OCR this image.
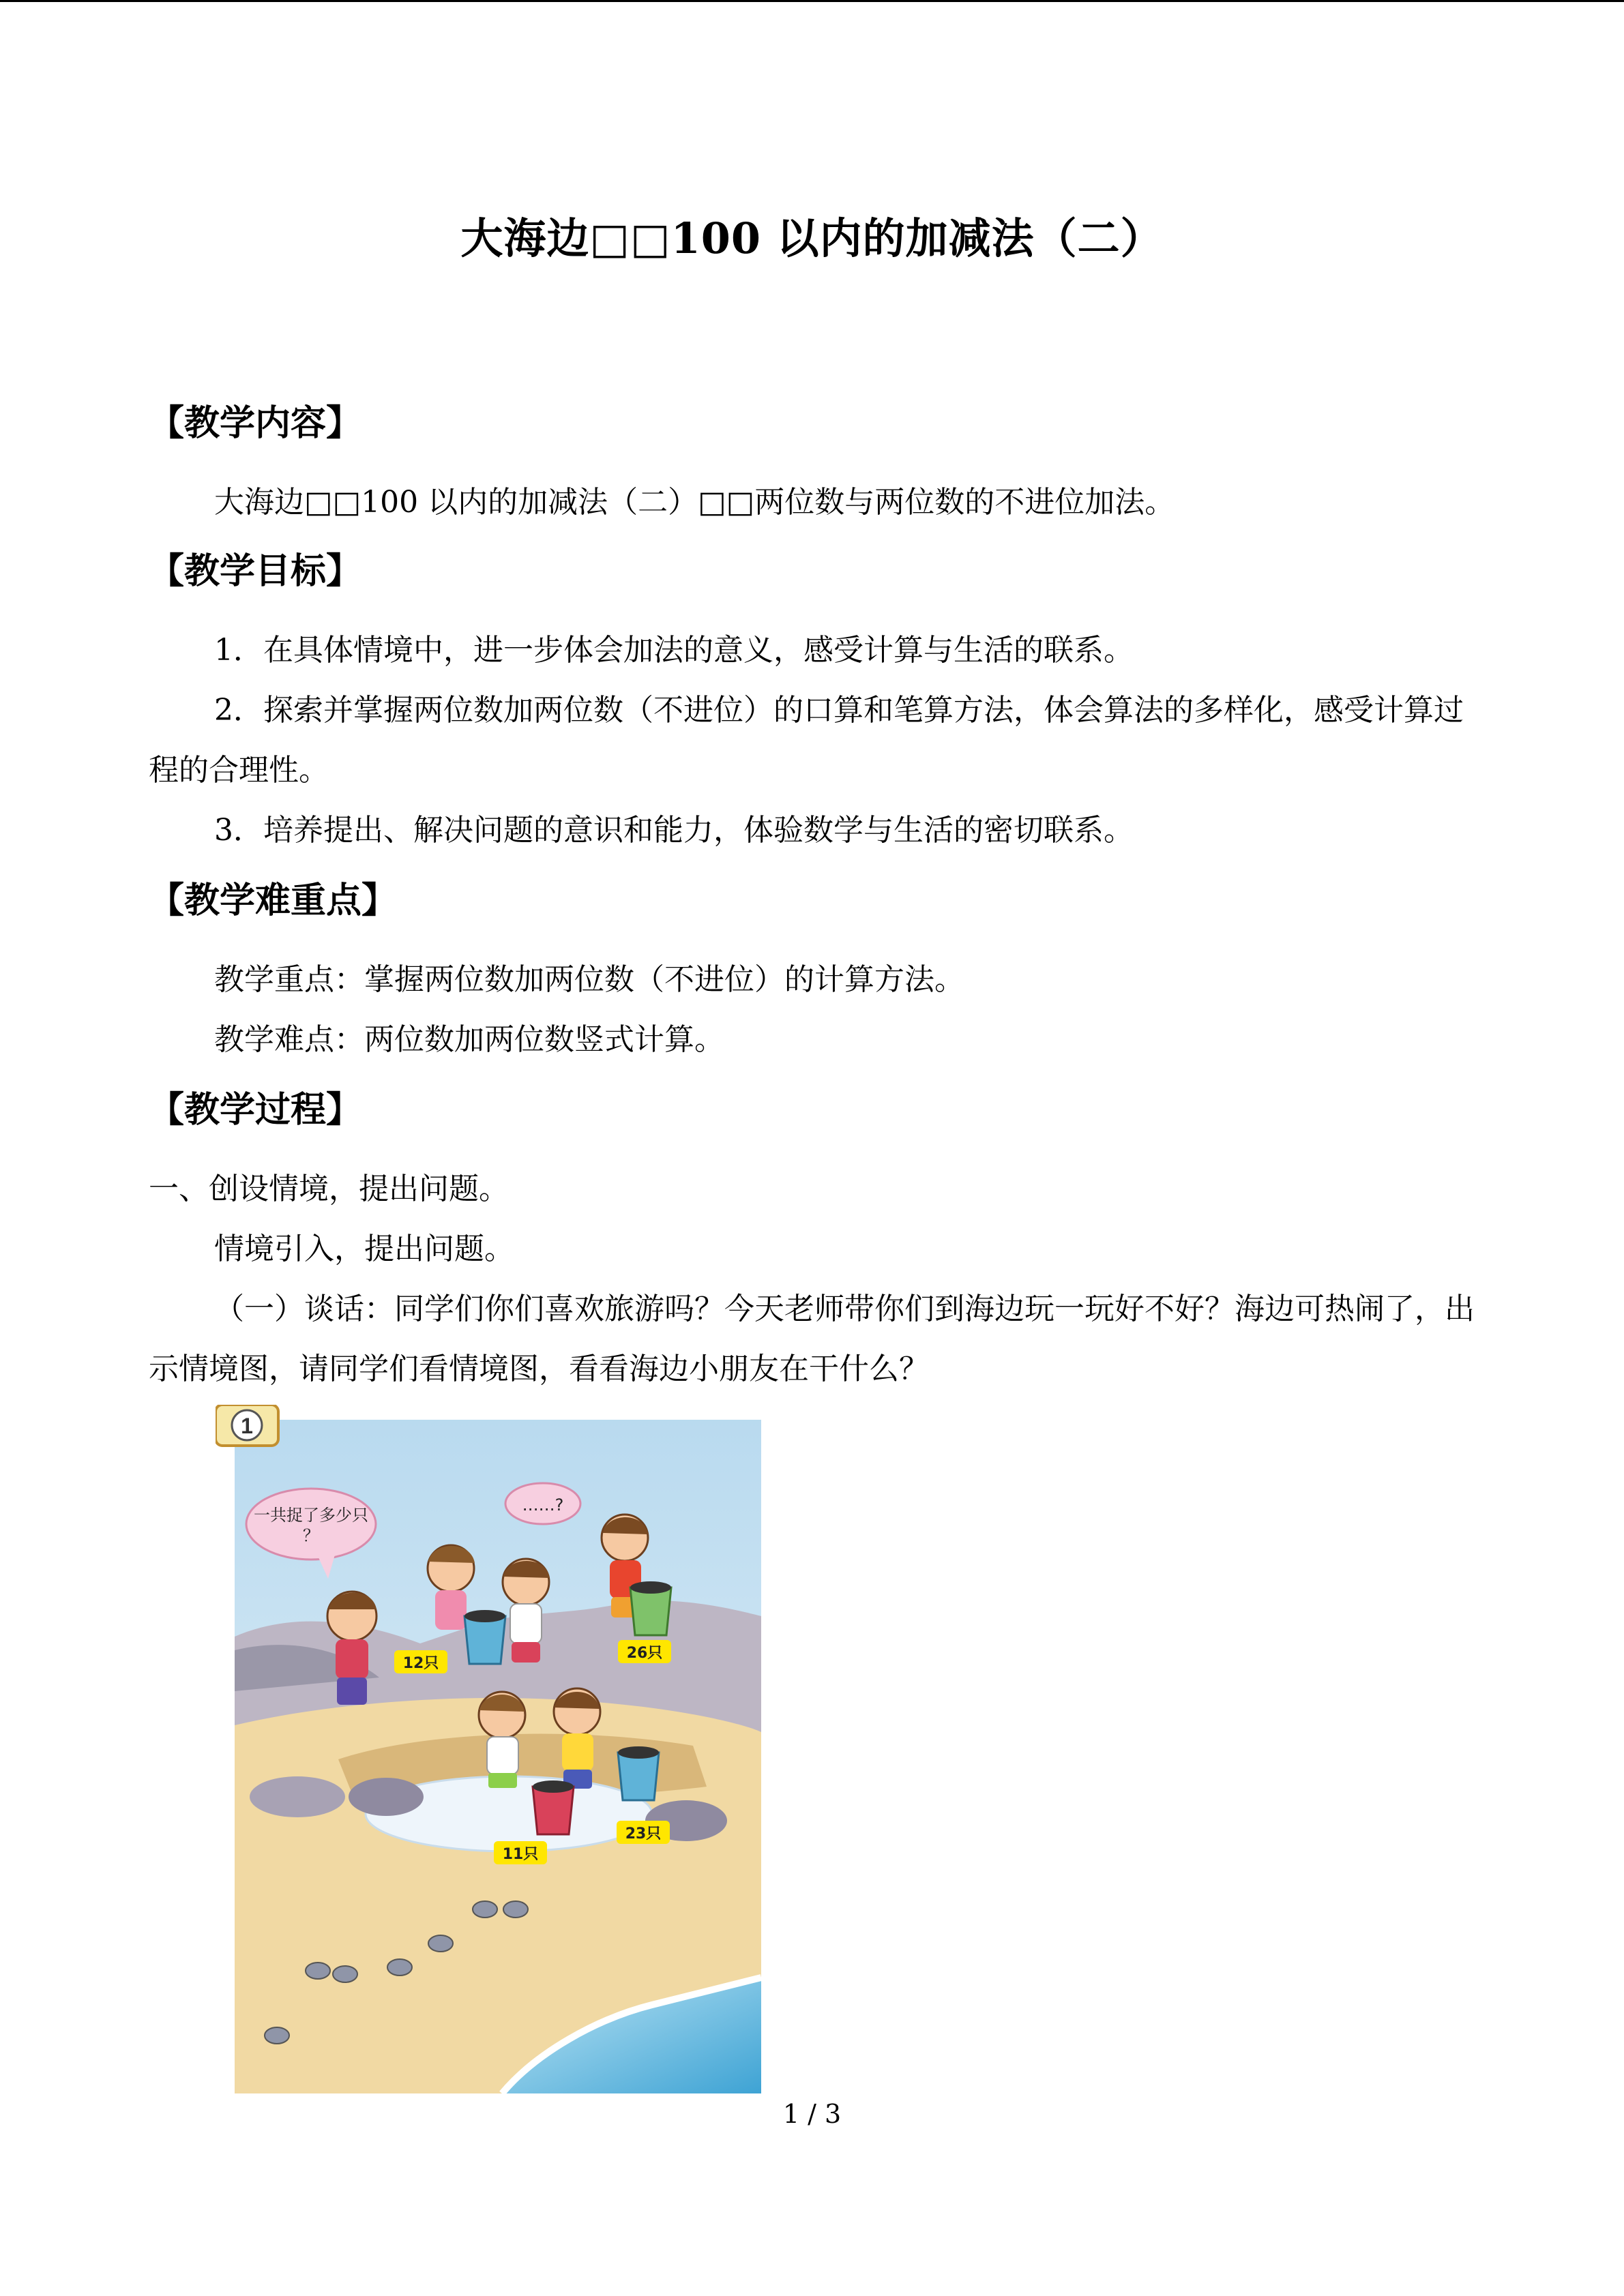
大海边□□100 以内的加减法（二）
【教学内容】
大海边□□100 以内的加减法（二）□□两位数与两位数的不进位加法。
【教学目标】
1．在具体情境中，进一步体会加法的意义，感受计算与生活的联系。
2．探索并掌握两位数加两位数（不进位）的口算和笔算方法，体会算法的多样化，感受计算过程的合理性。
3．培养提出、解决问题的意识和能力，体验数学与生活的密切联系。
【教学难重点】
教学重点：掌握两位数加两位数（不进位）的计算方法。
教学难点：两位数加两位数竖式计算。
【教学过程】
一、创设情境，提出问题。
情境引入，提出问题。
（一）谈话：同学们你们喜欢旅游吗？今天老师带你们到海边玩一玩好不好？海边可热闹了，出示情境图，请同学们看情境图，看看海边小朋友在干什么？
1
一共捉了多少只
？
……?
12只
26只
11只
23只
1 / 3
